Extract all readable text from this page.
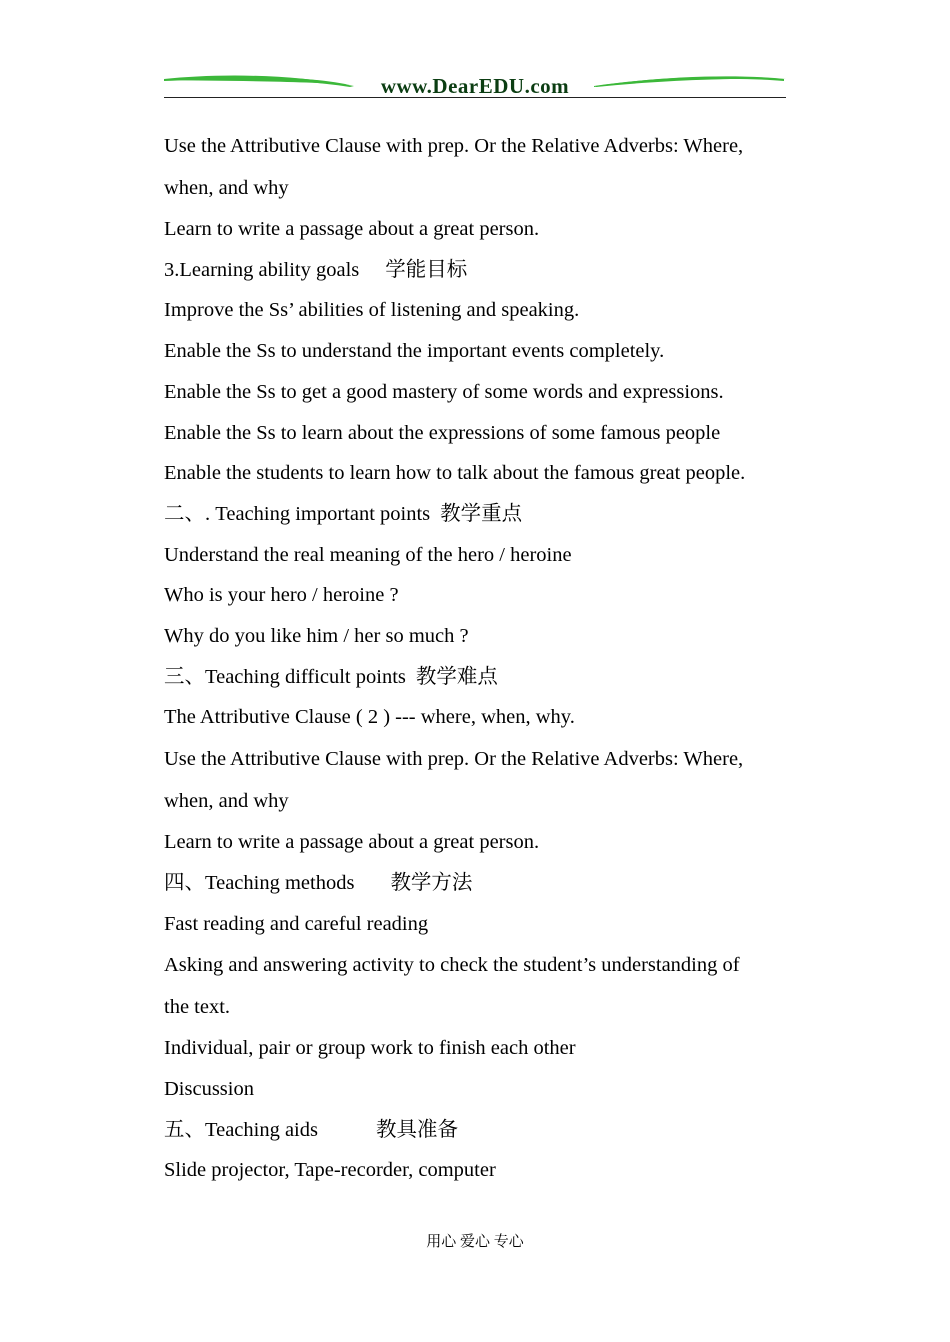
www.DearEDU.com
Use the Attributive Clause with prep. Or the Relative Adverbs: Where,
when, and why
Learn to write a passage about a great person.
3.Learning ability goals 学能目标
Improve the Ss’ abilities of listening and speaking.
Enable the Ss to understand the important events completely.
Enable the Ss to get a good mastery of some words and expressions.
Enable the Ss to learn about the expressions of some famous people
Enable the students to learn how to talk about the famous great people.
二、. Teaching important points 教学重点
Understand the real meaning of the hero / heroine
Who is your hero / heroine ?
Why do you like him / her so much ?
三、Teaching difficult points 教学难点
The Attributive Clause ( 2 ) --- where, when, why.
Use the Attributive Clause with prep. Or the Relative Adverbs: Where,
when, and why
Learn to write a passage about a great person.
四、Teaching methods 教学方法
Fast reading and careful reading
Asking and answering activity to check the student’s understanding of
the text.
Individual, pair or group work to finish each other
Discussion
五、Teaching aids	教具准备
Slide projector, Tape-recorder, computer
用心 爱心 专心
